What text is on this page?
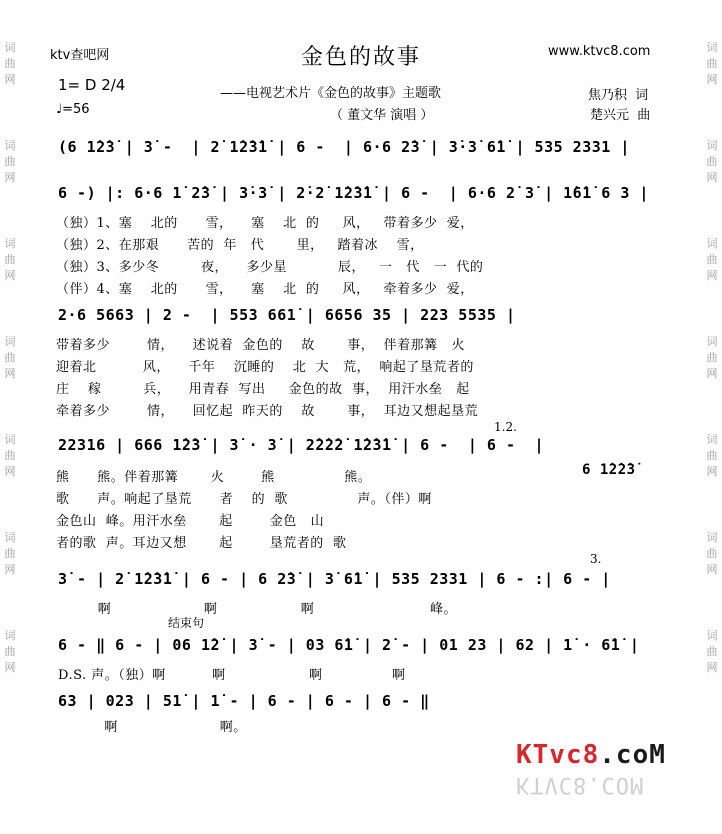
词
曲
网
词
曲
网
词
曲
网
词
曲
网
词
曲
网
词
曲
网
词
曲
网
词
曲
网
词
曲
网
词
曲
网
词
曲
网
词
曲
网
词
曲
网
词
曲
网
ktv查吧网	www.ktvc8.com
金色的故事
1= D 2/4
♩=56
——电视艺术片《金色的故事》主题歌
（ 董文华 演唱 ）
焦乃积  词
楚兴元  曲
(6 1̇2̇3̇ | 3̇ -  | 2̇ 1̇2̇3̇1̇ | 6 -  | 6·6 2̇3̇ | 3̇·3̇ 6̇1̇ | 535 2331 |
6 -) |: 6·6 1̇ 2̇3̇ | 3̇·3̇ | 2̇·2̇ 1̇2̇3̇1̇ | 6 -  | 6·6 2̇ 3̇ | 1̇6̇1̇ 6 3 |
（独）1、塞    北的      雪，    塞    北  的     风，   带着多少  爱，
（独）2、在那艰      苦的  年   代       里，   踏着冰    雪，
（独）3、多少冬         夜，    多少星           辰，   一   代   一  代的
（伴）4、塞    北的      雪，    塞    北  的     风，   牵着多少  爱，
2·6 5663 | 2 -  | 553 661̇ | 6656 35 | 223 5535 |
带着多少        情，    述说着  金色的    故       事，  伴着那篝   火
迎着北          风，    千年    沉睡的    北  大   荒，  响起了垦荒者的
庄    稼         兵，    用青春  写出     金色的故  事，  用汗水垒   起
牵着多少        情，    回忆起  昨天的    故       事，  耳边又想起垦荒
1.2.
22316 | 666 1̇2̇3̇ | 3̇ · 3̇ | 2̇2̇2̇2̇ 1̇2̇3̇1̇ | 6 -  | 6 -  |
6 1̇2̇2̇3̇
熊      熊。伴着那篝       火        熊               熊。
歌      声。响起了垦荒      者    的  歌               声。（伴）啊
金色山  峰。用汗水垒       起        金色   山
者的歌  声。耳边又想       起        垦荒者的  歌
3.
3̇ - | 2̇ 1̇2̇3̇1̇ | 6 - | 6 2̇3̇ | 3̇ 6̇1̇ | 535 2331 | 6 - :| 6 - |
啊                    啊                  啊                         峰。
结束句
6 - ‖ 6 - | 06 1̇2̇ | 3̇ - | 03 6̇1̇ | 2̇ - | 01 23 | 62 | 1̇ · 6̇1̇ |
D.S. 声。（独）啊          啊                  啊               啊
63 | 023 | 51̇ | 1̇ - | 6 - | 6 - | 6 - ‖
啊                      啊。
KTvc8.coM
KTVC8.COM
